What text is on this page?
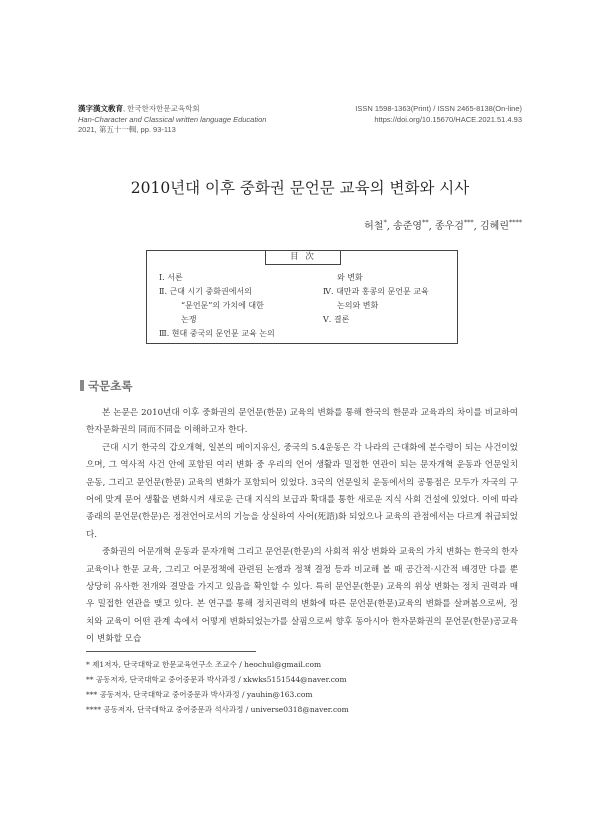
漢字漢文敎育, 한국한자한문교육학회
Han-Character and Classical written language Education
2021, 第五十一輯, pp. 93-113
ISSN 1598-1363(Print) / ISSN 2465-8138(On-line)
https://doi.org/10.15670/HACE.2021.51.4.93
2010년대 이후 중화권 문언문 교육의 변화와 시사
허철*, 송준영**, 종우검***, 김혜린****
目 次
Ⅰ. 서론
Ⅱ. 근대 시기 중화권에서의
“문언문”의 가치에 대한
논쟁
Ⅲ. 현대 중국의 문언문 교육 논의
와 변화
Ⅳ. 대만과 홍콩의 문언문 교육
논의와 변화
Ⅴ. 결론
국문초록

본 논문은 2010년대 이후 중화권의 문언문(한문) 교육의 변화를 통해 한국의 한문과 교육과의 차이를 비교하여 한자문화권의 同而不同을 이해하고자 한다.

근대 시기 한국의 갑오개혁, 일본의 메이지유신, 중국의 5.4운동은 각 나라의 근대화에 분수령이 되는 사건이었으며, 그 역사적 사건 안에 포함된 여러 변화 중 우리의 언어 생활과 밀접한 연관이 되는 문자개혁 운동과 언문일치 운동, 그리고 문언문(한문) 교육의 변화가 포함되어 있었다. 3국의 언문일치 운동에서의 공통점은 모두가 자국의 구어에 맞게 문어 생활을 변화시켜 새로운 근대 지식의 보급과 확대를 통한 새로운 지식 사회 건설에 있었다. 이에 따라 종래의 문언문(한문)은 정전언어로서의 기능을 상실하여 사어(死語)화 되었으나 교육의 관점에서는 다르게 취급되었다.

중화권의 어문개혁 운동과 문자개혁 그리고 문언문(한문)의 사회적 위상 변화와 교육의 가치 변화는 한국의 한자 교육이나 한문 교육, 그리고 어문정책에 관련된 논쟁과 정책 결정 등과 비교해 볼 때 공간적·시간적 배경만 다를 뿐 상당히 유사한 전개와 결말을 가지고 있음을 확인할 수 있다. 특히 문언문(한문) 교육의 위상 변화는 정치 권력과 매우 밀접한 연관을 맺고 있다. 본 연구를 통해 정치권력의 변화에 따른 문언문(한문)교육의 변화를 살펴봄으로써, 정치와 교육이 어떤 관계 속에서 어떻게 변화되었는가를 살핌으로써 향후 동아시아 한자문화권의 문언문(한문)공교육이 변화할 모습

* 제1저자, 단국대학교 한문교육연구소 조교수 / heochul@gmail.com
** 공동저자, 단국대학교 중어중문과 박사과정 / xkwks5151544@naver.com
*** 공동저자, 단국대학교 중어중문과 박사과정 / yauhin@163.com
**** 공동저자, 단국대학교 중어중문과 석사과정 / universe0318@naver.com
